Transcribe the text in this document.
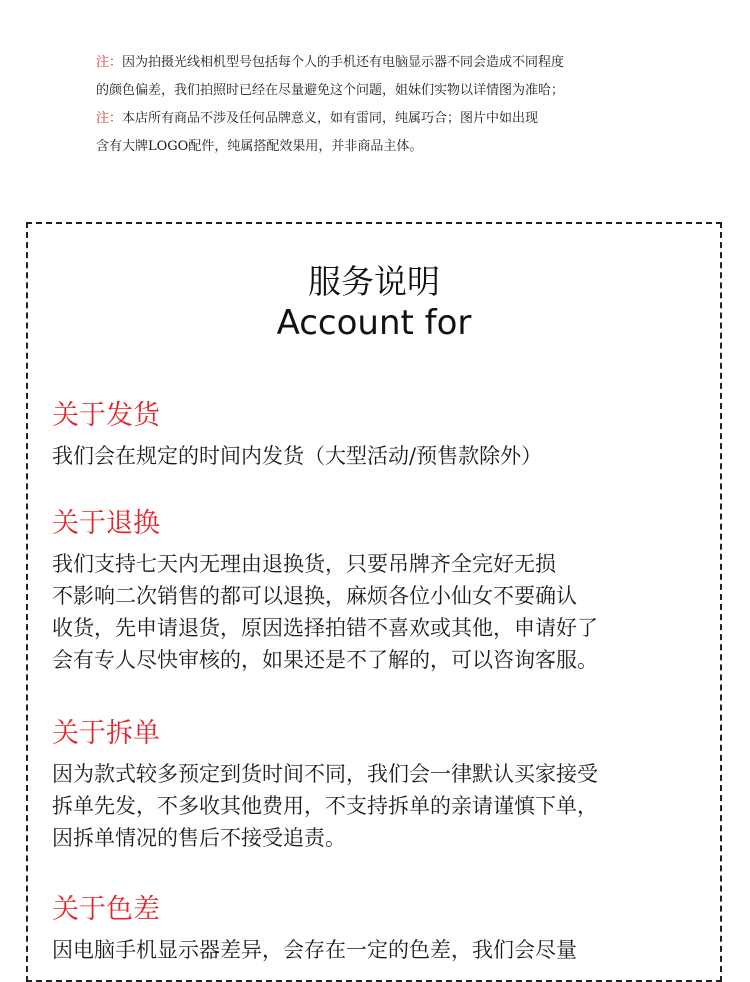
注：因为拍摄光线相机型号包括每个人的手机还有电脑显示器不同会造成不同程度
的颜色偏差，我们拍照时已经在尽量避免这个问题，姐妹们实物以详情图为准哈；
注：本店所有商品不涉及任何品牌意义，如有雷同，纯属巧合；图片中如出现
含有大牌LOGO配件，纯属搭配效果用，并非商品主体。
服务说明
Account for
关于发货
我们会在规定的时间内发货（大型活动/预售款除外）
关于退换
我们支持七天内无理由退换货，只要吊牌齐全完好无损
不影响二次销售的都可以退换，麻烦各位小仙女不要确认
收货，先申请退货，原因选择拍错不喜欢或其他，申请好了
会有专人尽快审核的，如果还是不了解的，可以咨询客服。
关于拆单
因为款式较多预定到货时间不同，我们会一律默认买家接受
拆单先发，不多收其他费用，不支持拆单的亲请谨慎下单，
因拆单情况的售后不接受追责。
关于色差
因电脑手机显示器差异，会存在一定的色差，我们会尽量
